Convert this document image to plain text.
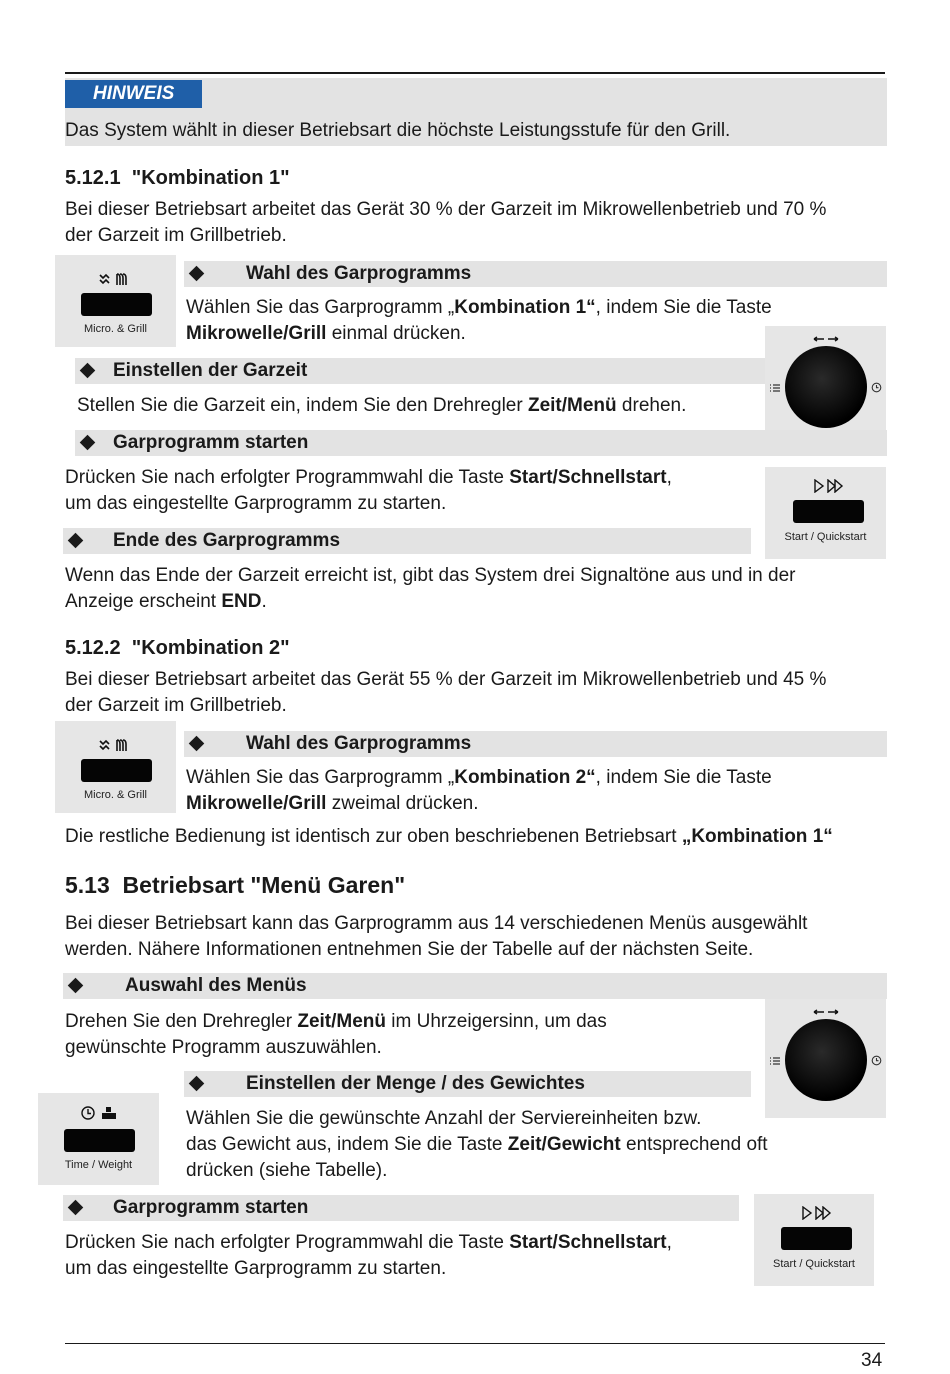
HINWEIS
Das System wählt in dieser Betriebsart die höchste Leistungsstufe für den Grill.
5.12.1  "Kombination 1"
Bei dieser Betriebsart arbeitet das Gerät 30 % der Garzeit im Mikrowellenbetrieb und 70 %
der Garzeit im Grillbetrieb.
Micro. & Grill
Wahl des Garprogramms
Wählen Sie das Garprogramm „Kombination 1“, indem Sie die Taste
Mikrowelle/Grill einmal drücken.
Einstellen der Garzeit
Stellen Sie die Garzeit ein, indem Sie den Drehregler Zeit/Menü drehen.
Garprogramm starten
Drücken Sie nach erfolgter Programmwahl die Taste Start/Schnellstart,
um das eingestellte Garprogramm zu starten.
Start / Quickstart
Ende des Garprogramms
Wenn das Ende der Garzeit erreicht ist, gibt das System drei Signaltöne aus und in der
Anzeige erscheint END.
5.12.2  "Kombination 2"
Bei dieser Betriebsart arbeitet das Gerät 55 % der Garzeit im Mikrowellenbetrieb und 45 %
der Garzeit im Grillbetrieb.
Micro. & Grill
Wahl des Garprogramms
Wählen Sie das Garprogramm „Kombination 2“, indem Sie die Taste
Mikrowelle/Grill zweimal drücken.
Die restliche Bedienung ist identisch zur oben beschriebenen Betriebsart „Kombination 1“
5.13  Betriebsart "Menü Garen"
Bei dieser Betriebsart kann das Garprogramm aus 14 verschiedenen Menüs ausgewählt
werden. Nähere Informationen entnehmen Sie der Tabelle auf der nächsten Seite.
Auswahl des Menüs
Drehen Sie den Drehregler Zeit/Menü im Uhrzeigersinn, um das
gewünschte Programm auszuwählen.
Einstellen der Menge / des Gewichtes
Time / Weight
Wählen Sie die gewünschte Anzahl der Serviereinheiten bzw.
das Gewicht aus, indem Sie die Taste Zeit/Gewicht entsprechend oft
drücken (siehe Tabelle).
Garprogramm starten
Drücken Sie nach erfolgter Programmwahl die Taste Start/Schnellstart,
um das eingestellte Garprogramm zu starten.	Start / Quickstart
34
